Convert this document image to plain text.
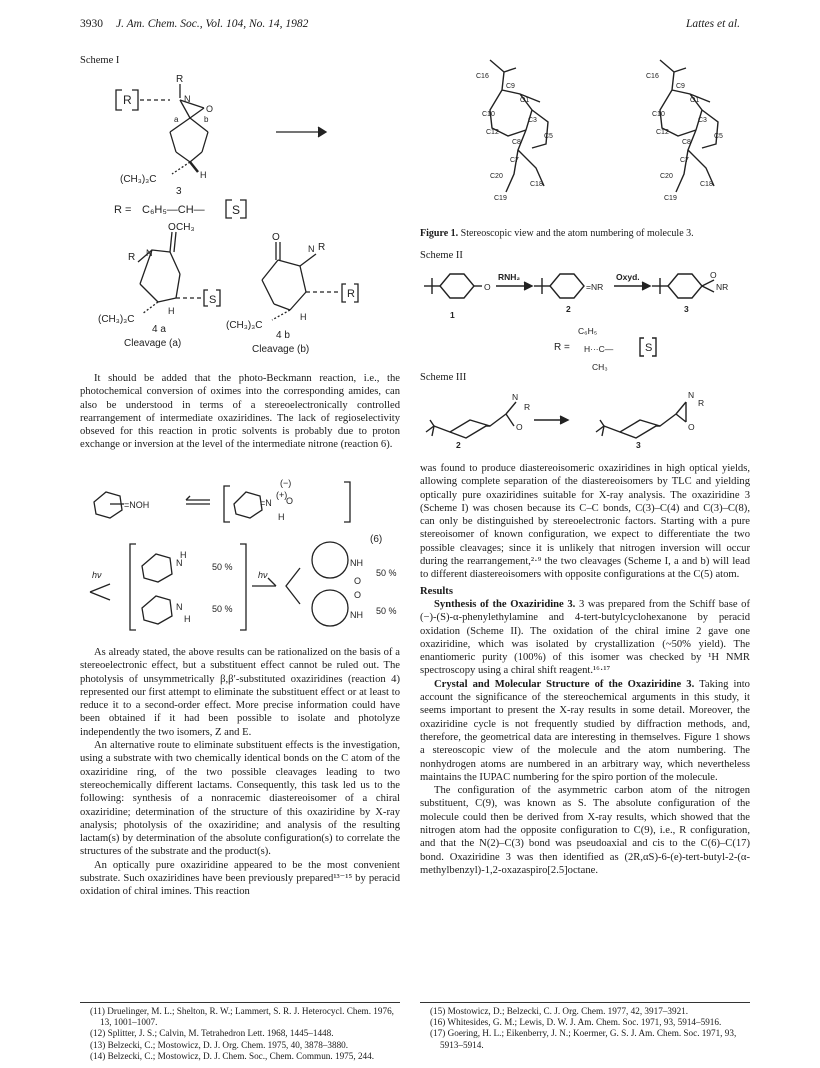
3930 J. Am. Chem. Soc., Vol. 104, No. 14, 1982	Lattes et al.
Scheme I
R
R
N
O
a	b
(CH₃)₃C	H
3
R = C₆H₅—CH—
CH₃
S
R N
O
(CH₃)₃C
H
S
4 a
Cleavage (a)
O
N R
(CH₃)₃C
H
R
4 b
Cleavage (b)

It should be added that the photo-Beckmann reaction, i.e., the photochemical conversion of oximes into the corresponding amides, can also be understood in terms of a stereoelectronically controlled rearrangement of intermediate oxaziridines. The lack of regioselectivity obseved for this reaction in protic solvents is probably due to proton exchange or inversion at the level of the intermediate nitrone (reaction 6).

=NOH	=N
(+)
O
H
(−)
(6)
hν	hν
N
H
50 %
N
H
50 %
NH
O
50 %
O
NH 50 %

As already stated, the above results can be rationalized on the basis of a stereoelectronic effect, but a substituent effect cannot be ruled out. The photolysis of unsymmetrically β,β′-substituted oxaziridines (reaction 4) represented our first attempt to eliminate the substituent effect or at least to reduce it to a second-order effect. More precise information could have been obtained if it had been possible to isolate and photolyze independently the two isomers, Z and E.

An alternative route to eliminate substituent effects is the investigation, using a substrate with two chemically identical bonds on the C atom of the oxaziridine ring, of the two possible cleavages leading to two stereochemically different lactams. Consequently, this task led us to the following: synthesis of a nonracemic diastereoisomer of a chiral oxaziridine; determination of the structure of this oxaziridine by X-ray analysis; photolysis of the oxaziridine; and analysis of the resulting lactam(s) by determination of the absolute configuration(s) to correlate the structures of the substrate and the product(s).

An optically pure oxaziridine appeared to be the most convenient substrate. Such oxaziridines have been previously prepared¹³⁻¹⁵ by peracid oxidation of chiral imines. This reaction

C16
C9
O1
C10
C3
C12
C8
C5
C7
C20
C18
C19
C16
C9
O1
C10
C3
C12
C8
C5
C7
C20
C18
C19
Figure 1. Stereoscopic view and the atom numbering of molecule 3.
Scheme II
O
RNH₂
=NR
Oxyd.	O
NR
1
2	3
R =
C₆H₅
H···C—
CH₃
S
Scheme III
N
R
O
2
N
R
O
3

was found to produce diastereoisomeric oxaziridines in high optical yields, allowing complete separation of the diastereoisomers by TLC and yielding optically pure oxaziridines suitable for X-ray analysis. The oxaziridine 3 (Scheme I) was chosen because its C–C bonds, C(3)–C(4) and C(3)–C(8), can only be distinguished by stereoelectronic factors. Starting with a pure stereoisomer of known configuration, we expect to differentiate the two possible cleavages; since it is unlikely that nitrogen inversion will occur during the rearrangement,²·⁹ the two cleavages (Scheme I, a and b) will lead to different diastereoisomers with opposite configurations at the C(5) atom.

Results

Synthesis of the Oxaziridine 3. 3 was prepared from the Schiff base of (−)-(S)-α-phenylethylamine and 4-tert-butylcyclohexanone by peracid oxidation (Scheme II). The oxidation of the chiral imine 2 gave one oxaziridine, which was isolated by crystallization (~50% yield). The enantiomeric purity (100%) of this isomer was checked by ¹H NMR spectroscopy using a chiral shift reagent.¹⁶·¹⁷

Crystal and Molecular Structure of the Oxaziridine 3. Taking into account the significance of the stereochemical arguments in this study, it seems important to present the X-ray results in some detail. Moreover, the oxaziridine cycle is not frequently studied by diffraction methods, and, therefore, the geometrical data are interesting in themselves. Figure 1 shows a stereoscopic view of the molecule and the atom numbering. The nonhydrogen atoms are numbered in an arbitrary way, which nevertheless maintains the IUPAC numbering for the spiro portion of the molecule.

The configuration of the asymmetric carbon atom of the nitrogen substituent, C(9), was known as S. The absolute configuration of the molecule could then be derived from X-ray results, which showed that the nitrogen atom had the opposite configuration to C(9), i.e., R configuration, and that the N(2)–C(3) bond was pseudoaxial and cis to the C(6)–C(17) bond. Oxaziridine 3 was then identified as (2R,αS)-6-(e)-tert-butyl-2-(α-methylbenzyl)-1,2-oxazaspiro[2.5]octane.

(11) Druelinger, M. L.; Shelton, R. W.; Lammert, S. R. J. Heterocycl. Chem. 1976, 13, 1001–1007.
(12) Splitter, J. S.; Calvin, M. Tetrahedron Lett. 1968, 1445–1448.
(13) Belzecki, C.; Mostowicz, D. J. Org. Chem. 1975, 40, 3878–3880.
(14) Belzecki, C.; Mostowicz, D. J. Chem. Soc., Chem. Commun. 1975, 244.
(15) Mostowicz, D.; Belzecki, C. J. Org. Chem. 1977, 42, 3917–3921.
(16) Whitesides, G. M.; Lewis, D. W. J. Am. Chem. Soc. 1971, 93, 5914–5916.
(17) Goering, H. L.; Eikenberry, J. N.; Koermer, G. S. J. Am. Chem. Soc. 1971, 93, 5913–5914.
